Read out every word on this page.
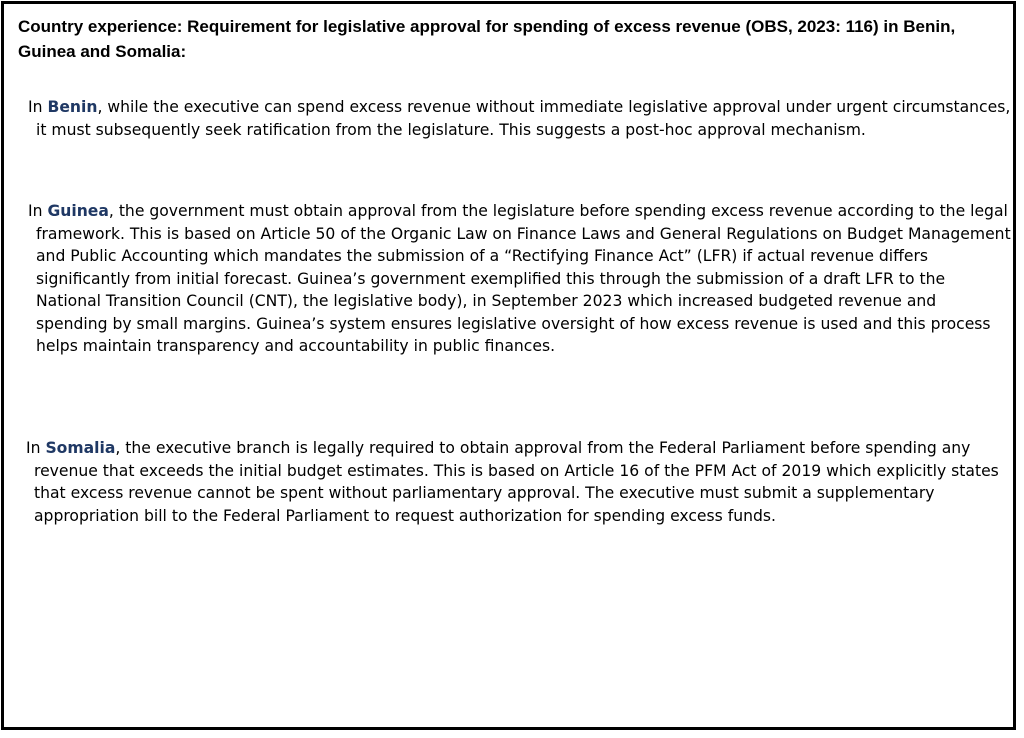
Country experience: Requirement for legislative approval for spending of excess revenue (OBS, 2023: 116) in Benin, Guinea and Somalia:

In Benin, while the executive can spend excess revenue without immediate legislative approval under urgent circumstances, it must subsequently seek ratification from the legislature. This suggests a post-hoc approval mechanism.

In Guinea, the government must obtain approval from the legislature before spending excess revenue according to the legal framework. This is based on Article 50 of the Organic Law on Finance Laws and General Regulations on Budget Management and Public Accounting which mandates the submission of a “Rectifying Finance Act” (LFR) if actual revenue differs significantly from initial forecast. Guinea’s government exemplified this through the submission of a draft LFR to the National Transition Council (CNT), the legislative body), in September 2023 which increased budgeted revenue and spending by small margins. Guinea’s system ensures legislative oversight of how excess revenue is used and this process helps maintain transparency and accountability in public finances.

In Somalia, the executive branch is legally required to obtain approval from the Federal Parliament before spending any revenue that exceeds the initial budget estimates. This is based on Article 16 of the PFM Act of 2019 which explicitly states that excess revenue cannot be spent without parliamentary approval. The executive must submit a supplementary appropriation bill to the Federal Parliament to request authorization for spending excess funds.
